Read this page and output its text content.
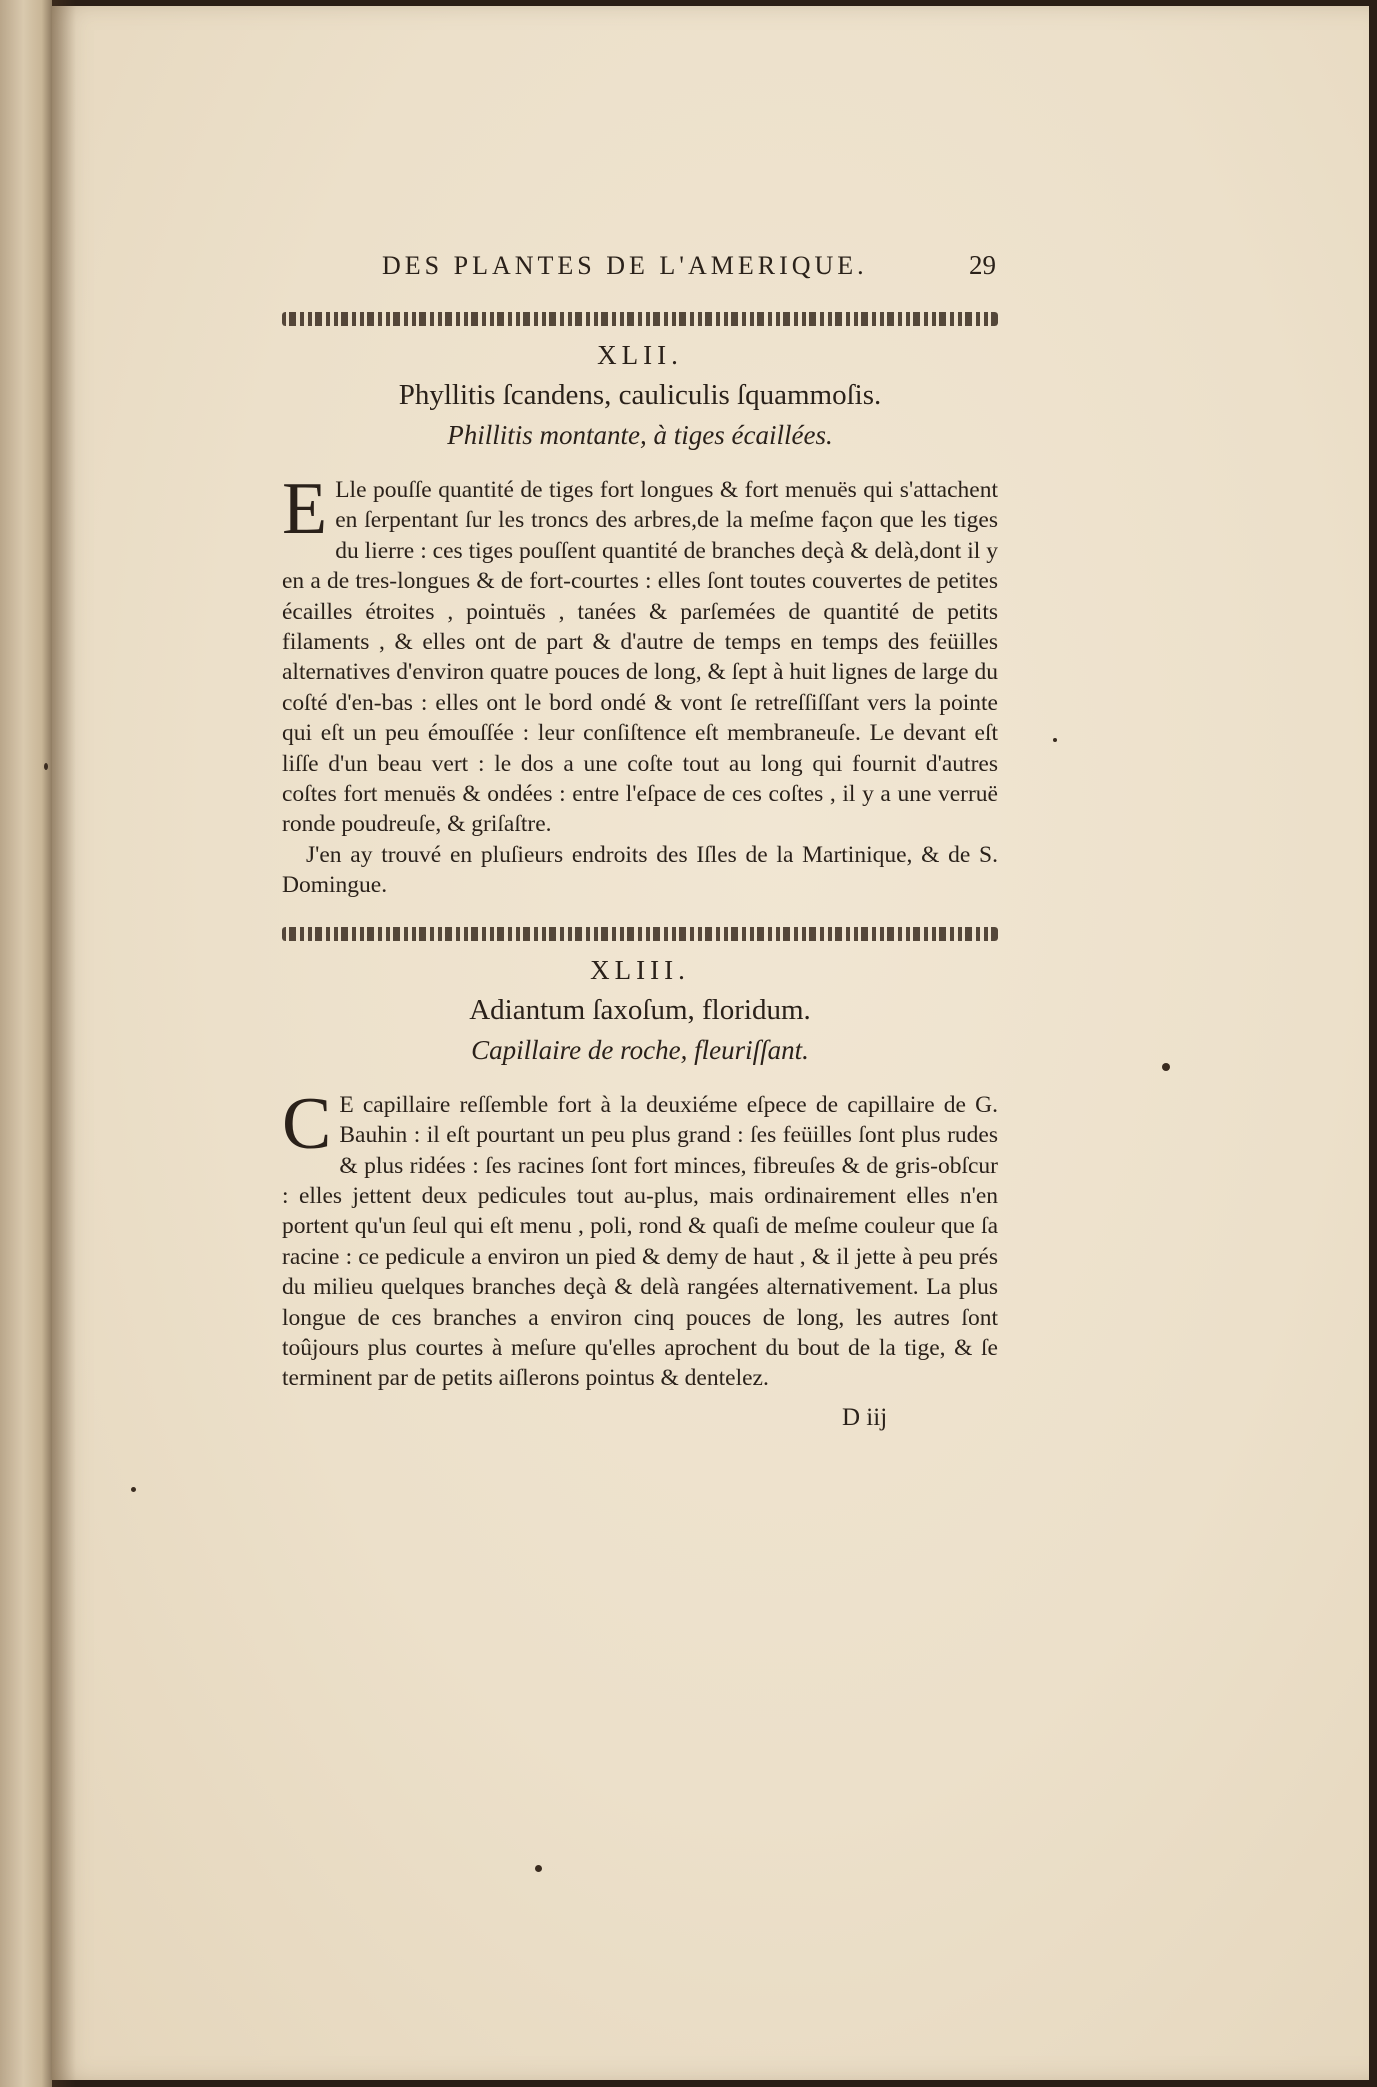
DES PLANTES DE L'AMERIQUE.	29
XLII.
Phyllitis ſcandens, cauliculis ſquammoſis.
Phillitis montante, à tiges écaillées.

E Lle pouſſe quantité de tiges fort longues & fort menuës qui s'attachent en ſerpentant ſur les troncs des arbres,de la meſme façon que les tiges du lierre : ces tiges pouſſent quantité de branches deçà & delà,dont il y en a de tres-longues & de fort-courtes : elles ſont toutes couvertes de petites écailles étroites , pointuës , tanées & parſemées de quantité de petits filaments , & elles ont de part & d'autre de temps en temps des feüilles alternatives d'environ quatre pouces de long, & ſept à huit lignes de large du coſté d'en-bas : elles ont le bord ondé & vont ſe retreſſiſſant vers la pointe qui eſt un peu émouſſée : leur conſiſtence eſt membraneuſe. Le devant eſt liſſe d'un beau vert : le dos a une coſte tout au long qui fournit d'autres coſtes fort menuës & ondées : entre l'eſpace de ces coſtes , il y a une verruë ronde poudreuſe, & griſaſtre.

J'en ay trouvé en pluſieurs endroits des Iſles de la Martinique, & de S. Domingue.

XLIII.
Adiantum ſaxoſum, floridum.
Capillaire de roche, fleuriſſant.

C E capillaire reſſemble fort à la deuxiéme eſpece de capillaire de G. Bauhin : il eſt pourtant un peu plus grand : ſes feüilles ſont plus rudes & plus ridées : ſes racines ſont fort minces, fibreuſes & de gris-obſcur : elles jettent deux pedicules tout au-plus, mais ordinairement elles n'en portent qu'un ſeul qui eſt menu , poli, rond & quaſi de meſme couleur que ſa racine : ce pedicule a environ un pied & demy de haut , & il jette à peu prés du milieu quelques branches deçà & delà rangées alternativement. La plus longue de ces branches a environ cinq pouces de long, les autres ſont toûjours plus courtes à meſure qu'elles aprochent du bout de la tige, & ſe terminent par de petits aiſlerons pointus & dentelez.

D iij
